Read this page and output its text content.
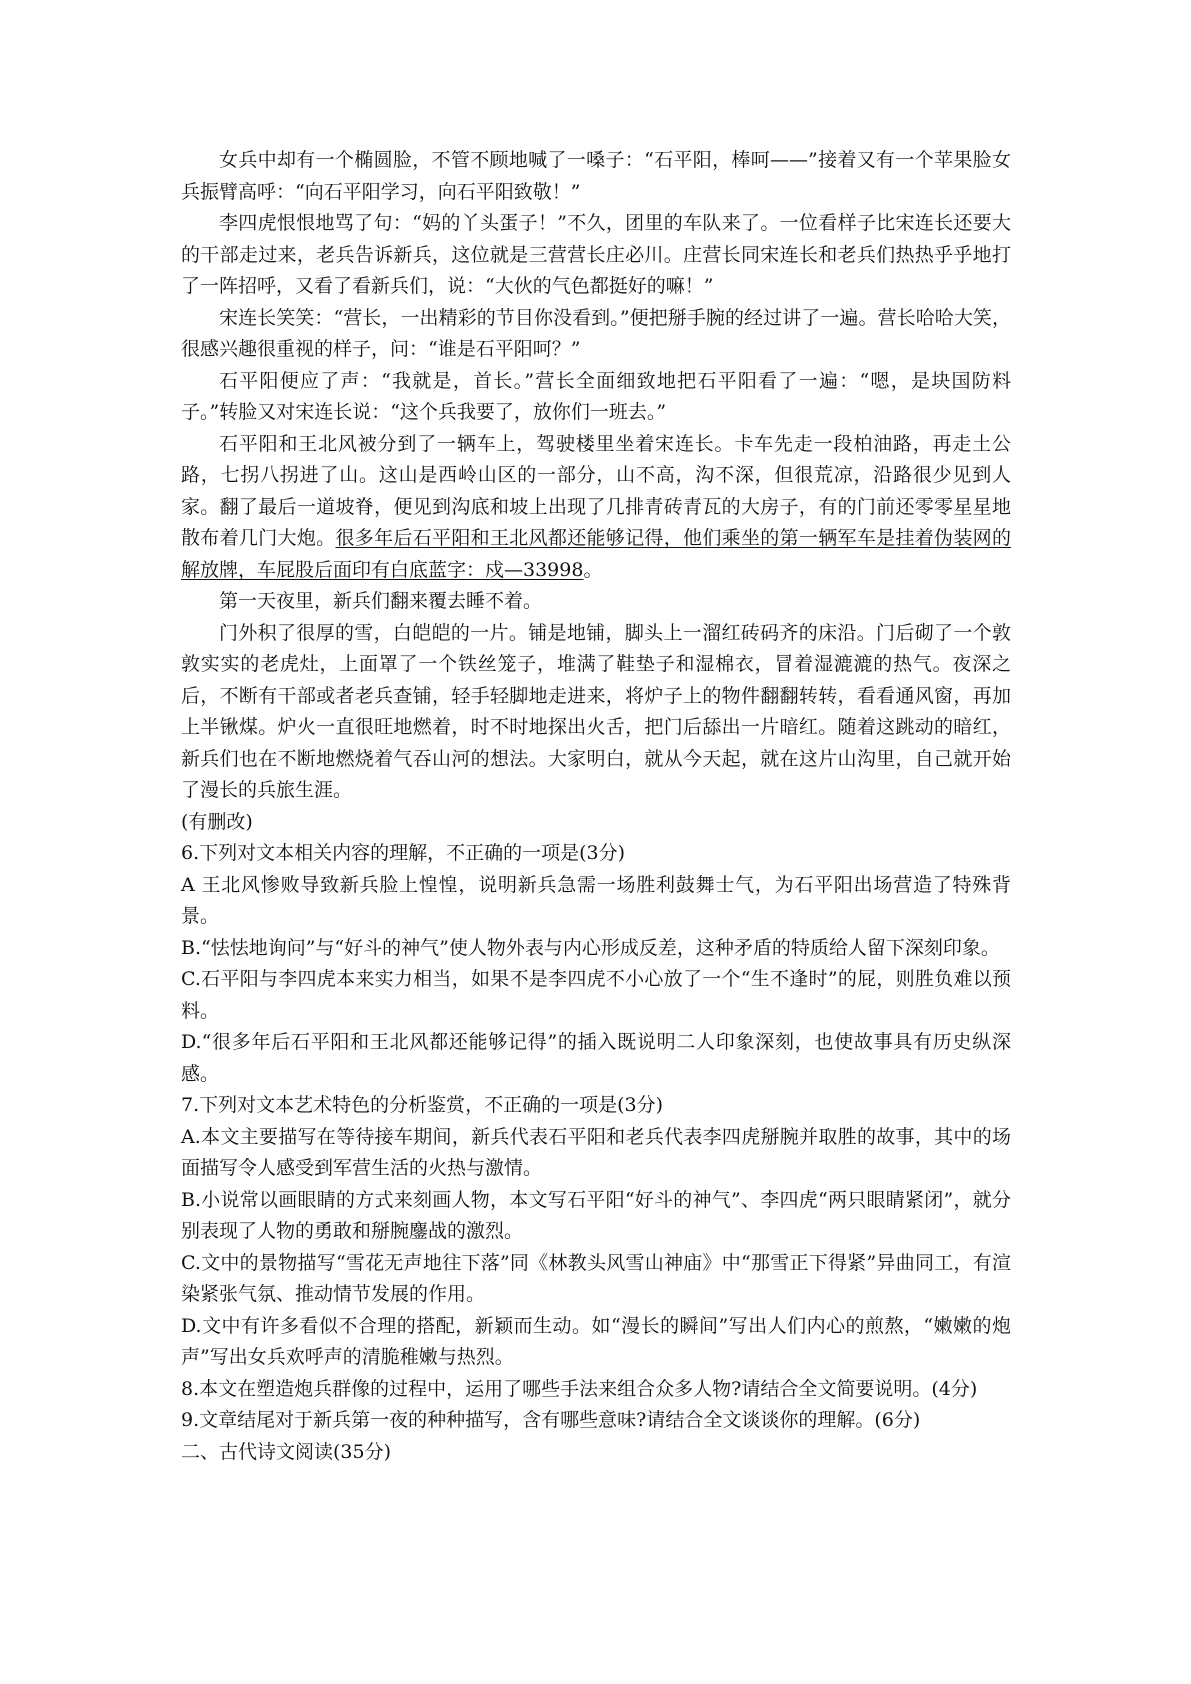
女兵中却有一个椭圆脸，不管不顾地喊了一嗓子：“石平阳，棒呵——”接着又有一个苹果脸女兵振臂高呼：“向石平阳学习，向石平阳致敬！”

李四虎恨恨地骂了句：“妈的丫头蛋子！”不久，团里的车队来了。一位看样子比宋连长还要大的干部走过来，老兵告诉新兵，这位就是三营营长庄必川。庄营长同宋连长和老兵们热热乎乎地打了一阵招呼，又看了看新兵们，说：“大伙的气色都挺好的嘛！”

宋连长笑笑：“营长，一出精彩的节目你没看到。”便把掰手腕的经过讲了一遍。营长哈哈大笑，很感兴趣很重视的样子，问：“谁是石平阳呵？”

石平阳便应了声：“我就是，首长。”营长全面细致地把石平阳看了一遍：“嗯，是块国防料子。”转脸又对宋连长说：“这个兵我要了，放你们一班去。”

石平阳和王北风被分到了一辆车上，驾驶楼里坐着宋连长。卡车先走一段柏油路，再走土公路，七拐八拐进了山。这山是西岭山区的一部分，山不高，沟不深，但很荒凉，沿路很少见到人家。翻了最后一道坡脊，便见到沟底和坡上出现了几排青砖青瓦的大房子，有的门前还零零星星地散布着几门大炮。很多年后石平阳和王北风都还能够记得，他们乘坐的第一辆军车是挂着伪装网的解放牌，车屁股后面印有白底蓝字：戍—33998。

第一天夜里，新兵们翻来覆去睡不着。

门外积了很厚的雪，白皑皑的一片。铺是地铺，脚头上一溜红砖码齐的床沿。门后砌了一个敦敦实实的老虎灶，上面罩了一个铁丝笼子，堆满了鞋垫子和湿棉衣，冒着湿漉漉的热气。夜深之后，不断有干部或者老兵查铺，轻手轻脚地走进来，将炉子上的物件翻翻转转，看看通风窗，再加上半锹煤。炉火一直很旺地燃着，时不时地探出火舌，把门后舔出一片暗红。随着这跳动的暗红，新兵们也在不断地燃烧着气吞山河的想法。大家明白，就从今天起，就在这片山沟里，自己就开始了漫长的兵旅生涯。

(有删改)

6.下列对文本相关内容的理解，不正确的一项是(3分)

A 王北风惨败导致新兵脸上惶惶，说明新兵急需一场胜利鼓舞士气，为石平阳出场营造了特殊背景。

B.“怯怯地询问”与“好斗的神气”使人物外表与内心形成反差，这种矛盾的特质给人留下深刻印象。

C.石平阳与李四虎本来实力相当，如果不是李四虎不小心放了一个“生不逢时”的屁，则胜负难以预料。

D.“很多年后石平阳和王北风都还能够记得”的插入既说明二人印象深刻，也使故事具有历史纵深感。

7.下列对文本艺术特色的分析鉴赏，不正确的一项是(3分)

A.本文主要描写在等待接车期间，新兵代表石平阳和老兵代表李四虎掰腕并取胜的故事，其中的场面描写令人感受到军营生活的火热与激情。

B.小说常以画眼睛的方式来刻画人物，本文写石平阳“好斗的神气”、李四虎“两只眼睛紧闭”，就分别表现了人物的勇敢和掰腕鏖战的激烈。

C.文中的景物描写“雪花无声地往下落”同《林教头风雪山神庙》中“那雪正下得紧”异曲同工，有渲染紧张气氛、推动情节发展的作用。

D.文中有许多看似不合理的搭配，新颖而生动。如“漫长的瞬间”写出人们内心的煎熬，“嫩嫩的炮声”写出女兵欢呼声的清脆稚嫩与热烈。

8.本文在塑造炮兵群像的过程中，运用了哪些手法来组合众多人物?请结合全文简要说明。(4分)

9.文章结尾对于新兵第一夜的种种描写，含有哪些意味?请结合全文谈谈你的理解。(6分)

二、古代诗文阅读(35分)
